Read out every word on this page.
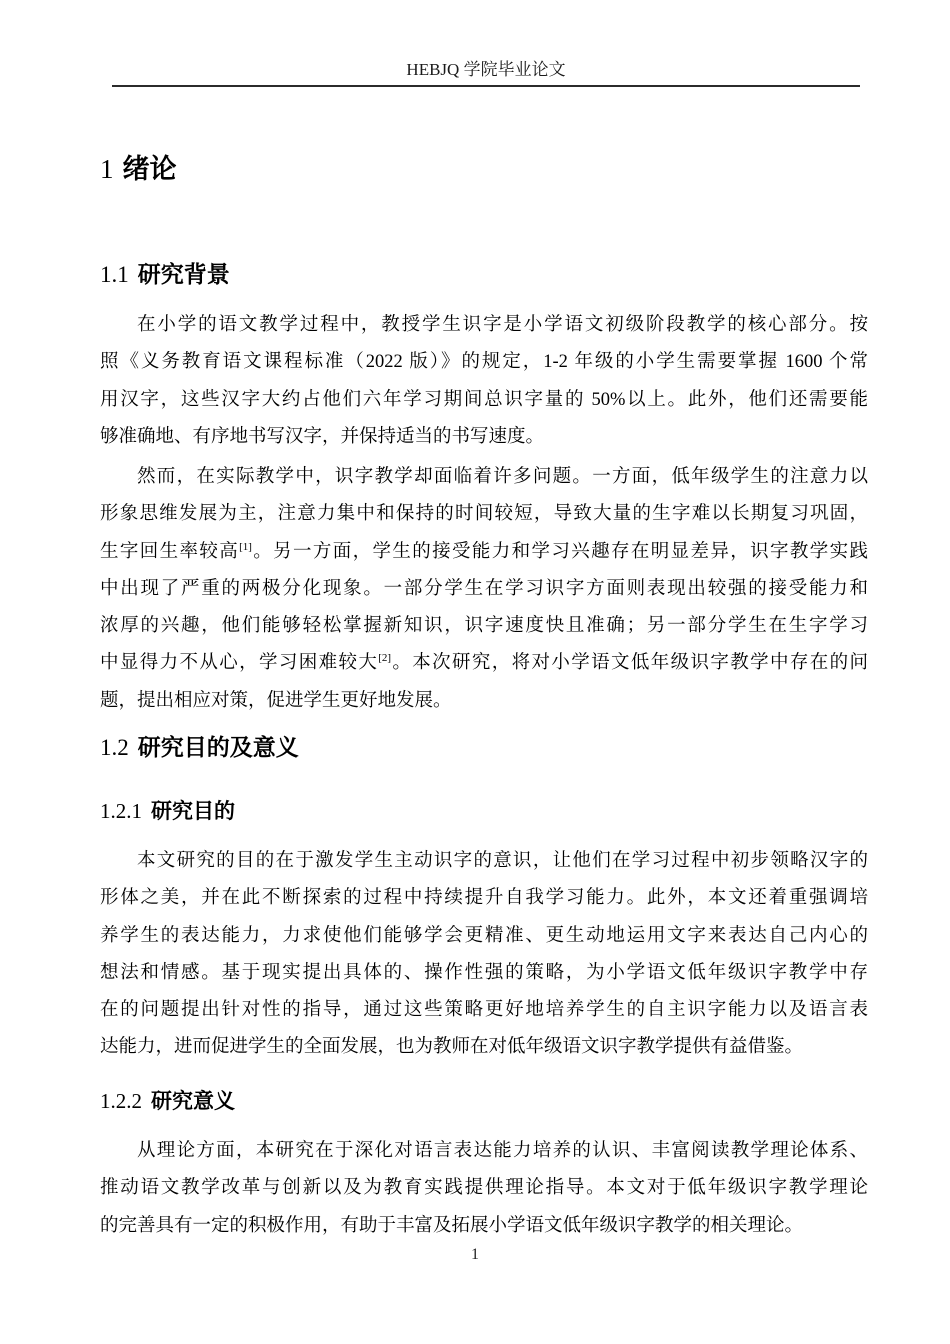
HEBJQ 学院毕业论文
1 绪论
1.1 研究背景
在小学的语文教学过程中，教授学生识字是小学语文初级阶段教学的核心部分。按
照《义务教育语文课程标准（2022 版）》的规定，1-2 年级的小学生需要掌握 1600 个常
用汉字，这些汉字大约占他们六年学习期间总识字量的 50%以上。此外，他们还需要能
够准确地、有序地书写汉字，并保持适当的书写速度。
然而，在实际教学中，识字教学却面临着许多问题。一方面，低年级学生的注意力以
形象思维发展为主，注意力集中和保持的时间较短，导致大量的生字难以长期复习巩固，
生字回生率较高[1]。另一方面，学生的接受能力和学习兴趣存在明显差异，识字教学实践
中出现了严重的两极分化现象。一部分学生在学习识字方面则表现出较强的接受能力和
浓厚的兴趣，他们能够轻松掌握新知识，识字速度快且准确；另一部分学生在生字学习
中显得力不从心，学习困难较大[2]。本次研究，将对小学语文低年级识字教学中存在的问
题，提出相应对策，促进学生更好地发展。
1.2 研究目的及意义
1.2.1 研究目的
本文研究的目的在于激发学生主动识字的意识，让他们在学习过程中初步领略汉字的
形体之美，并在此不断探索的过程中持续提升自我学习能力。此外，本文还着重强调培
养学生的表达能力，力求使他们能够学会更精准、更生动地运用文字来表达自己内心的
想法和情感。基于现实提出具体的、操作性强的策略，为小学语文低年级识字教学中存
在的问题提出针对性的指导，通过这些策略更好地培养学生的自主识字能力以及语言表
达能力，进而促进学生的全面发展，也为教师在对低年级语文识字教学提供有益借鉴。
1.2.2 研究意义
从理论方面，本研究在于深化对语言表达能力培养的认识、丰富阅读教学理论体系、
推动语文教学改革与创新以及为教育实践提供理论指导。本文对于低年级识字教学理论
的完善具有一定的积极作用，有助于丰富及拓展小学语文低年级识字教学的相关理论。
1
